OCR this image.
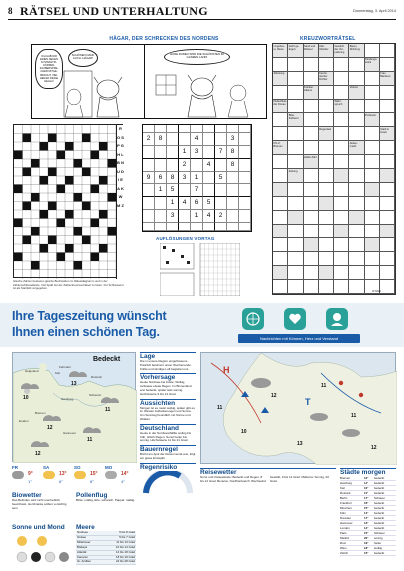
8 RÄTSEL UND UNTERHALTUNG	Donnerstag, 3. April 2014
HÄGAR, DER SCHRECKEN DES NORDENS
ICH HAB DIR EINEN NEUEN GYMNASTIK-KÖRPER-ZAUBERSPRECHER MITGEBRACHT, VIEL HEILEN DINGE HELGA!
SCHÖNEN DANK AUCH, HÄGAR!
EURE RUDEN SIND DIE SCHÖNSTEN IM GANZEN LAND!
R O S P G H L B N U D I E A K W M Z
Gleiche Zahlen bedeuten gleiche Buchstaben im Rätseldiagramm und in der Zahlenschlüsselleiste. Viel Spaß bei der Zahlenkreuzworträtsel zu lösen. Für Schlusswort ist als Startfeld vorgegeben.
2	8	4	3
1	3	7	8
2	4	8
9	6	8	3	1	5
1	5	7
1	4	6	5
3	1	4	2
AUFLÖSUNGEN VORTAG
KREUZWORTRÄTSEL
Ungeheuer, Riese
leicht geärgert
Sand und Wasser
Abk.: Oktober
Gewicht der Verpackung
Baum, Dichtung
Kleidungsstück
Ableitung	französischer Dichter
Frau Bäckerei
Kranker, Adams
Verlust
Nebenfluss der Donau
Wahrspruch
Bitte, Zahlwort
Professor
Regenlaut	Stadt in Israel
Kfz-Z. Bremen
Aktienmarkt
Halbe Zahl
Zeitung
W 6620
Ihre Tageszeitung wünscht
Ihnen einen schönen Tag.	Nachrichten mit Können, Herz und Verstand
Bedeckt
10
13
11
12
11
12
Helgoland
Fehmarn
Kiel
Rostock
Schwerin
Hamburg
Bremen
Hannover
Emden
FR
9°
1°
SA
13°
6°
SO
15°
8°
MO
14°
4°
Biowetter
Das Befinden wird nicht unerheblich beeinflusst. Herzkranke sollten vorsichtig sein.
Pollenflug
Birke: mäßig, Erle: schwach, Pappel: mäßig.
Sonne und Mond	Meere
Nordsee	5 bis 8 Grad
Ostsee	5 bis 7 Grad
Mittelmeer	11 bis 13 Grad
Biskaya	10 bis 14 Grad
Atlantik	14 bis 18 Grad
Kanaren	18 bis 19 Grad
Gr. Antillen	24 bis 28 Grad
Lage
Die in unsere Region eingeflossene Polarluft bestimmt unser Wochenende. Kühle und windige Luft begleitet uns.
Vorhersage
Heute Nordsee-bei Küste: Wolkig, zeitweise etwas Regen. Im Binnenland erst bedeckt, später teils sonnig. Höchstwerte 9 bis 13 Grad.
Aussichten
Morgen ist es meist wolkig, später gibt es im Westen Auflockerungen und Sonne. Am Sonntag freundlich mit Sonne und Wolken.
Deutschland
Heute in der Nordwesthälfte wolkig bis trüb, örtlich Regen. Sonst heiter bis sonnig. Höchstwerte 11 bis 21 Grad.
Bauernregel
Bricht am April der Rosenmonat aus, folgt ein gutes Erntejahr.
Regenrisiko
H
T
12
11
11
10
13
12
11
Reisewetter
Nord- und Ostseeküste: Bedeckt und Regen, 8 bis 12 Grad. Benelux, Nordfrankreich: Wechselnd bewölkt, 9 bis 14 Grad. Mallorca: Sonnig, 20 Grad.
Städte morgen
Bremen	12°	bedeckt
Hamburg	11°	bedeckt
Kiel	10°	bedeckt
Rostock	11°	bedeckt
Berlin	17°	Schauer
Frankfurt	16°	bedeckt
München	15°	bedeckt
Köln	14°	bedeckt
Dresden	17°	bedeckt
Hannover	13°	bedeckt
London	14°	bedeckt
Paris	15°	Schauer
Madrid	20°	sonnig
Rom	19°	heiter
Wien	18°	wolkig
Zürich	15°	bedeckt
